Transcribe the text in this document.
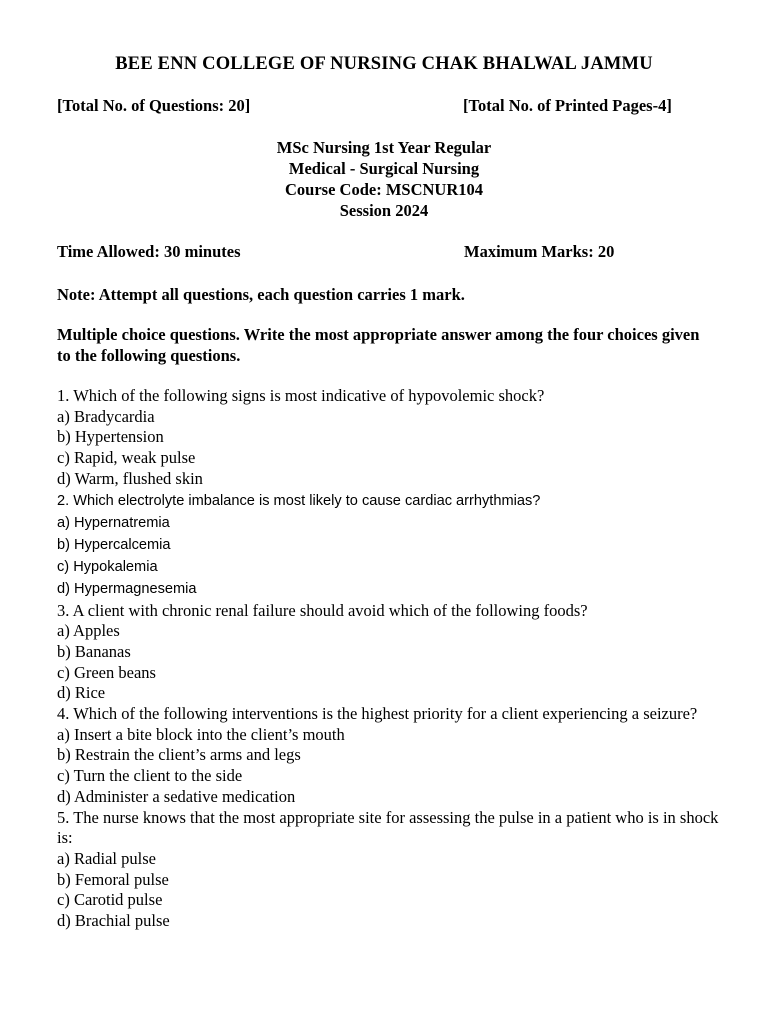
BEE ENN COLLEGE OF NURSING CHAK BHALWAL JAMMU
[Total No. of Questions: 20]	[Total No. of Printed Pages-4]
MSc Nursing 1st Year Regular
Medical - Surgical Nursing
Course Code: MSCNUR104
Session 2024
Time Allowed: 30 minutes	Maximum Marks: 20
Note: Attempt all questions, each question carries 1 mark.
Multiple choice questions. Write the most appropriate answer among the four choices given to the following questions.
1. Which of the following signs is most indicative of hypovolemic shock?
a) Bradycardia
b) Hypertension
c) Rapid, weak pulse
d) Warm, flushed skin
2. Which electrolyte imbalance is most likely to cause cardiac arrhythmias?
a) Hypernatremia
b) Hypercalcemia
c) Hypokalemia
d) Hypermagnesemia
3. A client with chronic renal failure should avoid which of the following foods?
a) Apples
b) Bananas
c) Green beans
d) Rice
4. Which of the following interventions is the highest priority for a client experiencing a seizure?
a) Insert a bite block into the client’s mouth
b) Restrain the client’s arms and legs
c) Turn the client to the side
d) Administer a sedative medication
5. The nurse knows that the most appropriate site for assessing the pulse in a patient who is in shock is:
a) Radial pulse
b) Femoral pulse
c) Carotid pulse
d) Brachial pulse
